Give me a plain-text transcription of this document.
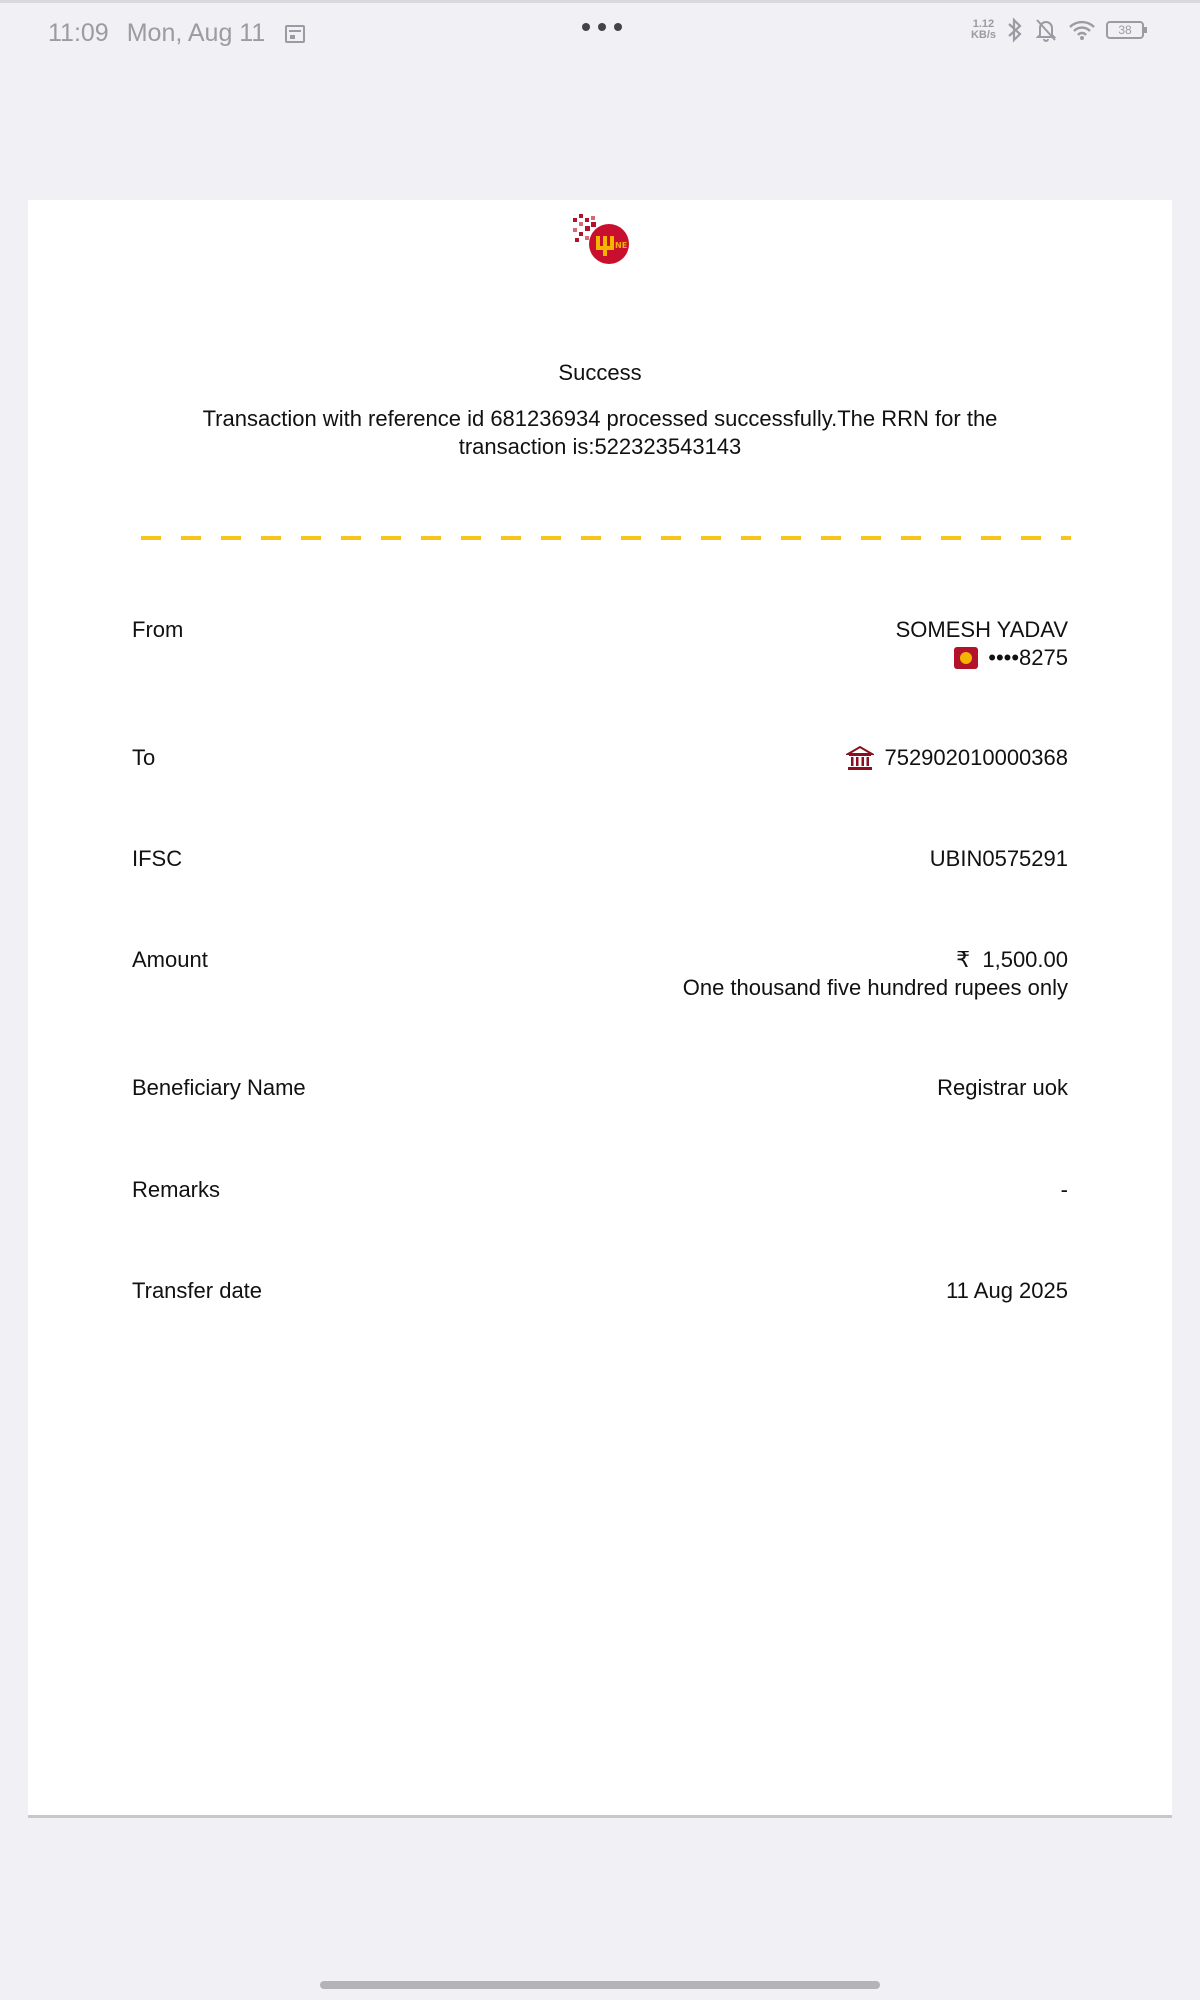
11:09 Mon, Aug 11	1.12
KB/s	38
NE
Success
Transaction with reference id 681236934 processed successfully.The RRN for the transaction is:522323543143
From	SOMESH YADAV
••••8275
To	752902010000368
IFSC	UBIN0575291
Amount	₹  1,500.00
One thousand five hundred rupees only
Beneficiary Name	Registrar uok
Remarks	-
Transfer date	11 Aug 2025
